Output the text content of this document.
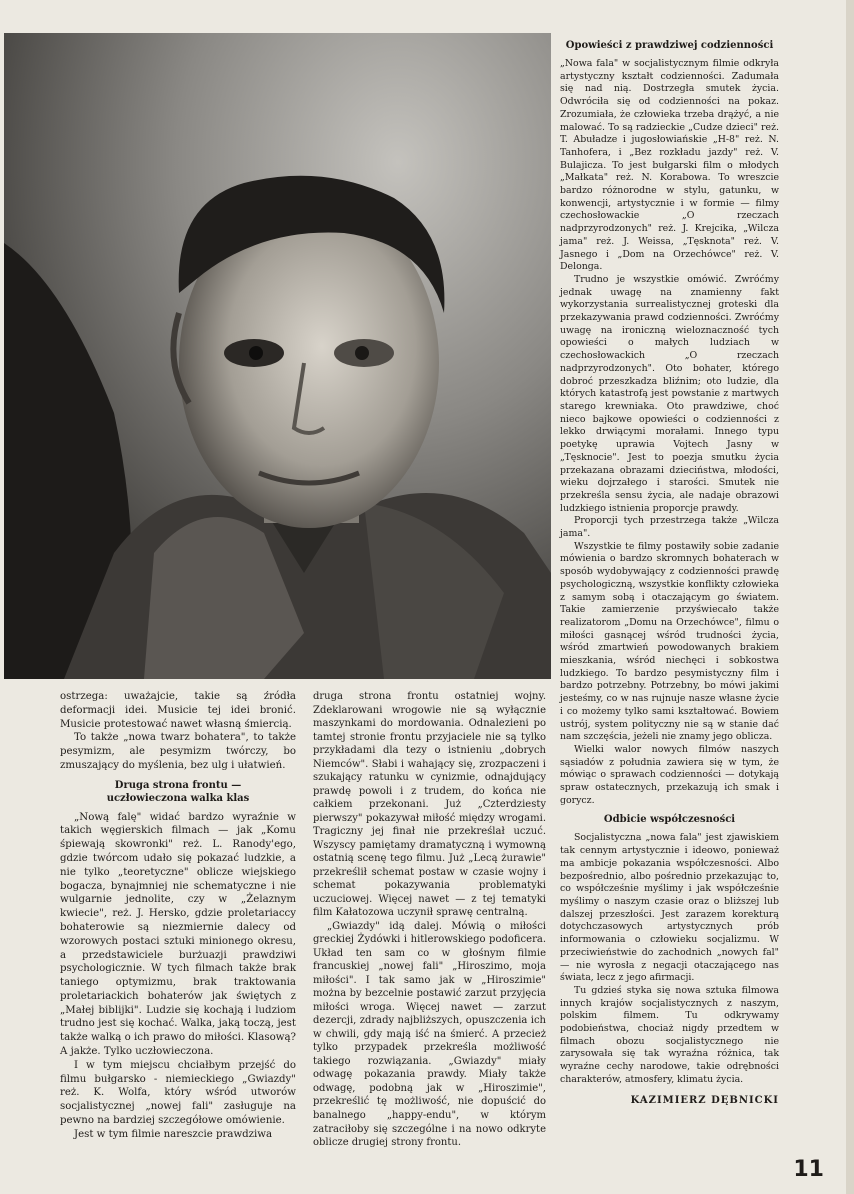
Opowieści z prawdziwej codzienności

„Nowa fala" w socjalistycznym filmie odkryła artystyczny kształt codzienności. Zadumała się nad nią. Dostrzegła smutek życia. Odwróciła się od codzienności na pokaz. Zrozumiała, że człowieka trzeba drążyć, a nie malować. To są radzieckie „Cudze dzieci" reż. T. Abuładze i jugosłowiańskie „H-8" reż. N. Tanhofera, i „Bez rozkładu jazdy" reż. V. Bulajicza. To jest bułgarski film o młodych „Małkata" reż. N. Korabowa. To wreszcie bardzo różnorodne w stylu, gatunku, w konwencji, artystycznie i w formie — filmy czechosłowackie „O rzeczach nadprzyrodzonych" reż. J. Krejcika, „Wilcza jama" reż. J. Weissa, „Tęsknota" reż. V. Jasnego i „Dom na Orzechówce" reż. V. Delonga.

Trudno je wszystkie omówić. Zwróćmy jednak uwagę na znamienny fakt wykorzystania surrealistycznej groteski dla przekazywania prawd codzienności. Zwróćmy uwagę na ironiczną wieloznaczność tych opowieści o małych ludziach w czechosłowackich „O rzeczach nadprzyrodzonych". Oto bohater, którego dobroć przeszkadza bliźnim; oto ludzie, dla których katastrofą jest powstanie z martwych starego krewniaka. Oto prawdziwe, choć nieco bajkowe opowieści o codzienności z lekko drwiącymi morałami. Innego typu poetykę uprawia Vojtech Jasny w „Tęsknocie". Jest to poezja smutku życia przekazana obrazami dzieciństwa, młodości, wieku dojrzałego i starości. Smutek nie przekreśla sensu życia, ale nadaje obrazowi ludzkiego istnienia proporcje prawdy.

Proporcji tych przestrzega także „Wilcza jama".

Wszystkie te filmy postawiły sobie zadanie mówienia o bardzo skromnych bohaterach w sposób wydobywający z codzienności prawdę psychologiczną, wszystkie konflikty człowieka z samym sobą i otaczającym go światem. Takie zamierzenie przyświecało także realizatorom „Domu na Orzechówce", filmu o miłości gasnącej wśród trudności życia, wśród zmartwień powodowanych brakiem mieszkania, wśród niechęci i sobkostwa ludzkiego. To bardzo pesymistyczny film i bardzo potrzebny. Potrzebny, bo mówi jakimi jesteśmy, co w nas rujnuje nasze własne życie i co możemy tylko sami kształtować. Bowiem ustrój, system polityczny nie są w stanie dać nam szczęścia, jeżeli nie znamy jego oblicza.

Wielki walor nowych filmów naszych sąsiadów z południa zawiera się w tym, że mówiąc o sprawach codzienności — dotykają spraw ostatecznych, przekazują ich smak i gorycz.

Odbicie współczesności

Socjalistyczna „nowa fala" jest zjawiskiem tak cennym artystycznie i ideowo, ponieważ ma ambicje pokazania współczesności. Albo bezpośrednio, albo pośrednio przekazując to, co współcześnie myślimy i jak współcześnie myślimy o naszym czasie oraz o bliższej lub dalszej przeszłości. Jest zarazem korekturą dotychczasowych artystycznych prób informowania o człowieku socjalizmu. W przeciwieństwie do zachodnich „nowych fal" — nie wyrosła z negacji otaczającego nas świata, lecz z jego afirmacji.

Tu gdzieś styka się nowa sztuka filmowa innych krajów socjalistycznych z naszym, polskim filmem. Tu odkrywamy podobieństwa, chociaż nigdy przedtem w filmach obozu socjalistycznego nie zarysowała się tak wyraźna różnica, tak wyraźne cechy narodowe, takie odrębności charakterów, atmosfery, klimatu życia.

KAZIMIERZ DĘBNICKI

ostrzega: uważajcie, takie są źródła deformacji idei. Musicie tej idei bronić. Musicie protestować nawet własną śmiercią.

To także „nowa twarz bohatera", to także pesymizm, ale pesymizm twórczy, bo zmuszający do myślenia, bez ulg i ułatwień.

Druga strona frontu —
uczłowieczona walka klas

„Nową falę" widać bardzo wyraźnie w takich węgierskich filmach — jak „Komu śpiewają skowronki" reż. L. Ranody'ego, gdzie twórcom udało się pokazać ludzkie, a nie tylko „teoretyczne" oblicze wiejskiego bogacza, bynajmniej nie schematyczne i nie wulgarnie jednolite, czy w „Żelaznym kwiecie", reż. J. Hersko, gdzie proletariaccy bohaterowie są niezmiernie dalecy od wzorowych postaci sztuki minionego okresu, a przedstawiciele burżuazji prawdziwi psychologicznie. W tych filmach także brak taniego optymizmu, brak traktowania proletariackich bohaterów jak świętych z „Małej biblijki". Ludzie się kochają i ludziom trudno jest się kochać. Walka, jaką toczą, jest także walką o ich prawo do miłości. Klasową? A jakże. Tylko uczłowieczona.

I w tym miejscu chciałbym przejść do filmu bułgarsko - niemieckiego „Gwiazdy" reż. K. Wolfa, który wśród utworów socjalistycznej „nowej fali" zasługuje na pewno na bardziej szczegółowe omówienie.

Jest w tym filmie nareszcie prawdziwa

druga strona frontu ostatniej wojny. Zdeklarowani wrogowie nie są wyłącznie maszynkami do mordowania. Odnalezieni po tamtej stronie frontu przyjaciele nie są tylko przykładami dla tezy o istnieniu „dobrych Niemców". Słabi i wahający się, zrozpaczeni i szukający ratunku w cynizmie, odnajdujący prawdę powoli i z trudem, do końca nie całkiem przekonani. Już „Czterdziesty pierwszy" pokazywał miłość między wrogami. Tragiczny jej finał nie przekreślał uczuć. Wszyscy pamiętamy dramatyczną i wymowną ostatnią scenę tego filmu. Już „Lecą żurawie" przekreślił schemat postaw w czasie wojny i schemat pokazywania problematyki uczuciowej. Więcej nawet — z tej tematyki film Kałatozowa uczynił sprawę centralną.

„Gwiazdy" idą dalej. Mówią o miłości greckiej Żydówki i hitlerowskiego podoficera. Układ ten sam co w głośnym filmie francuskiej „nowej fali" „Hiroszimo, moja miłości". I tak samo jak w „Hiroszimie" można by bezcelnie postawić zarzut przyjęcia miłości wroga. Więcej nawet — zarzut dezercji, zdrady najbliższych, opuszczenia ich w chwili, gdy mają iść na śmierć. A przecież tylko przypadek przekreśla możliwość takiego rozwiązania. „Gwiazdy" miały odwagę pokazania prawdy. Miały także odwagę, podobną jak w „Hiroszimie", przekreślić tę możliwość, nie dopuścić do banalnego „happy-endu", w którym zatraciłoby się szczególne i na nowo odkryte oblicze drugiej strony frontu.

11
